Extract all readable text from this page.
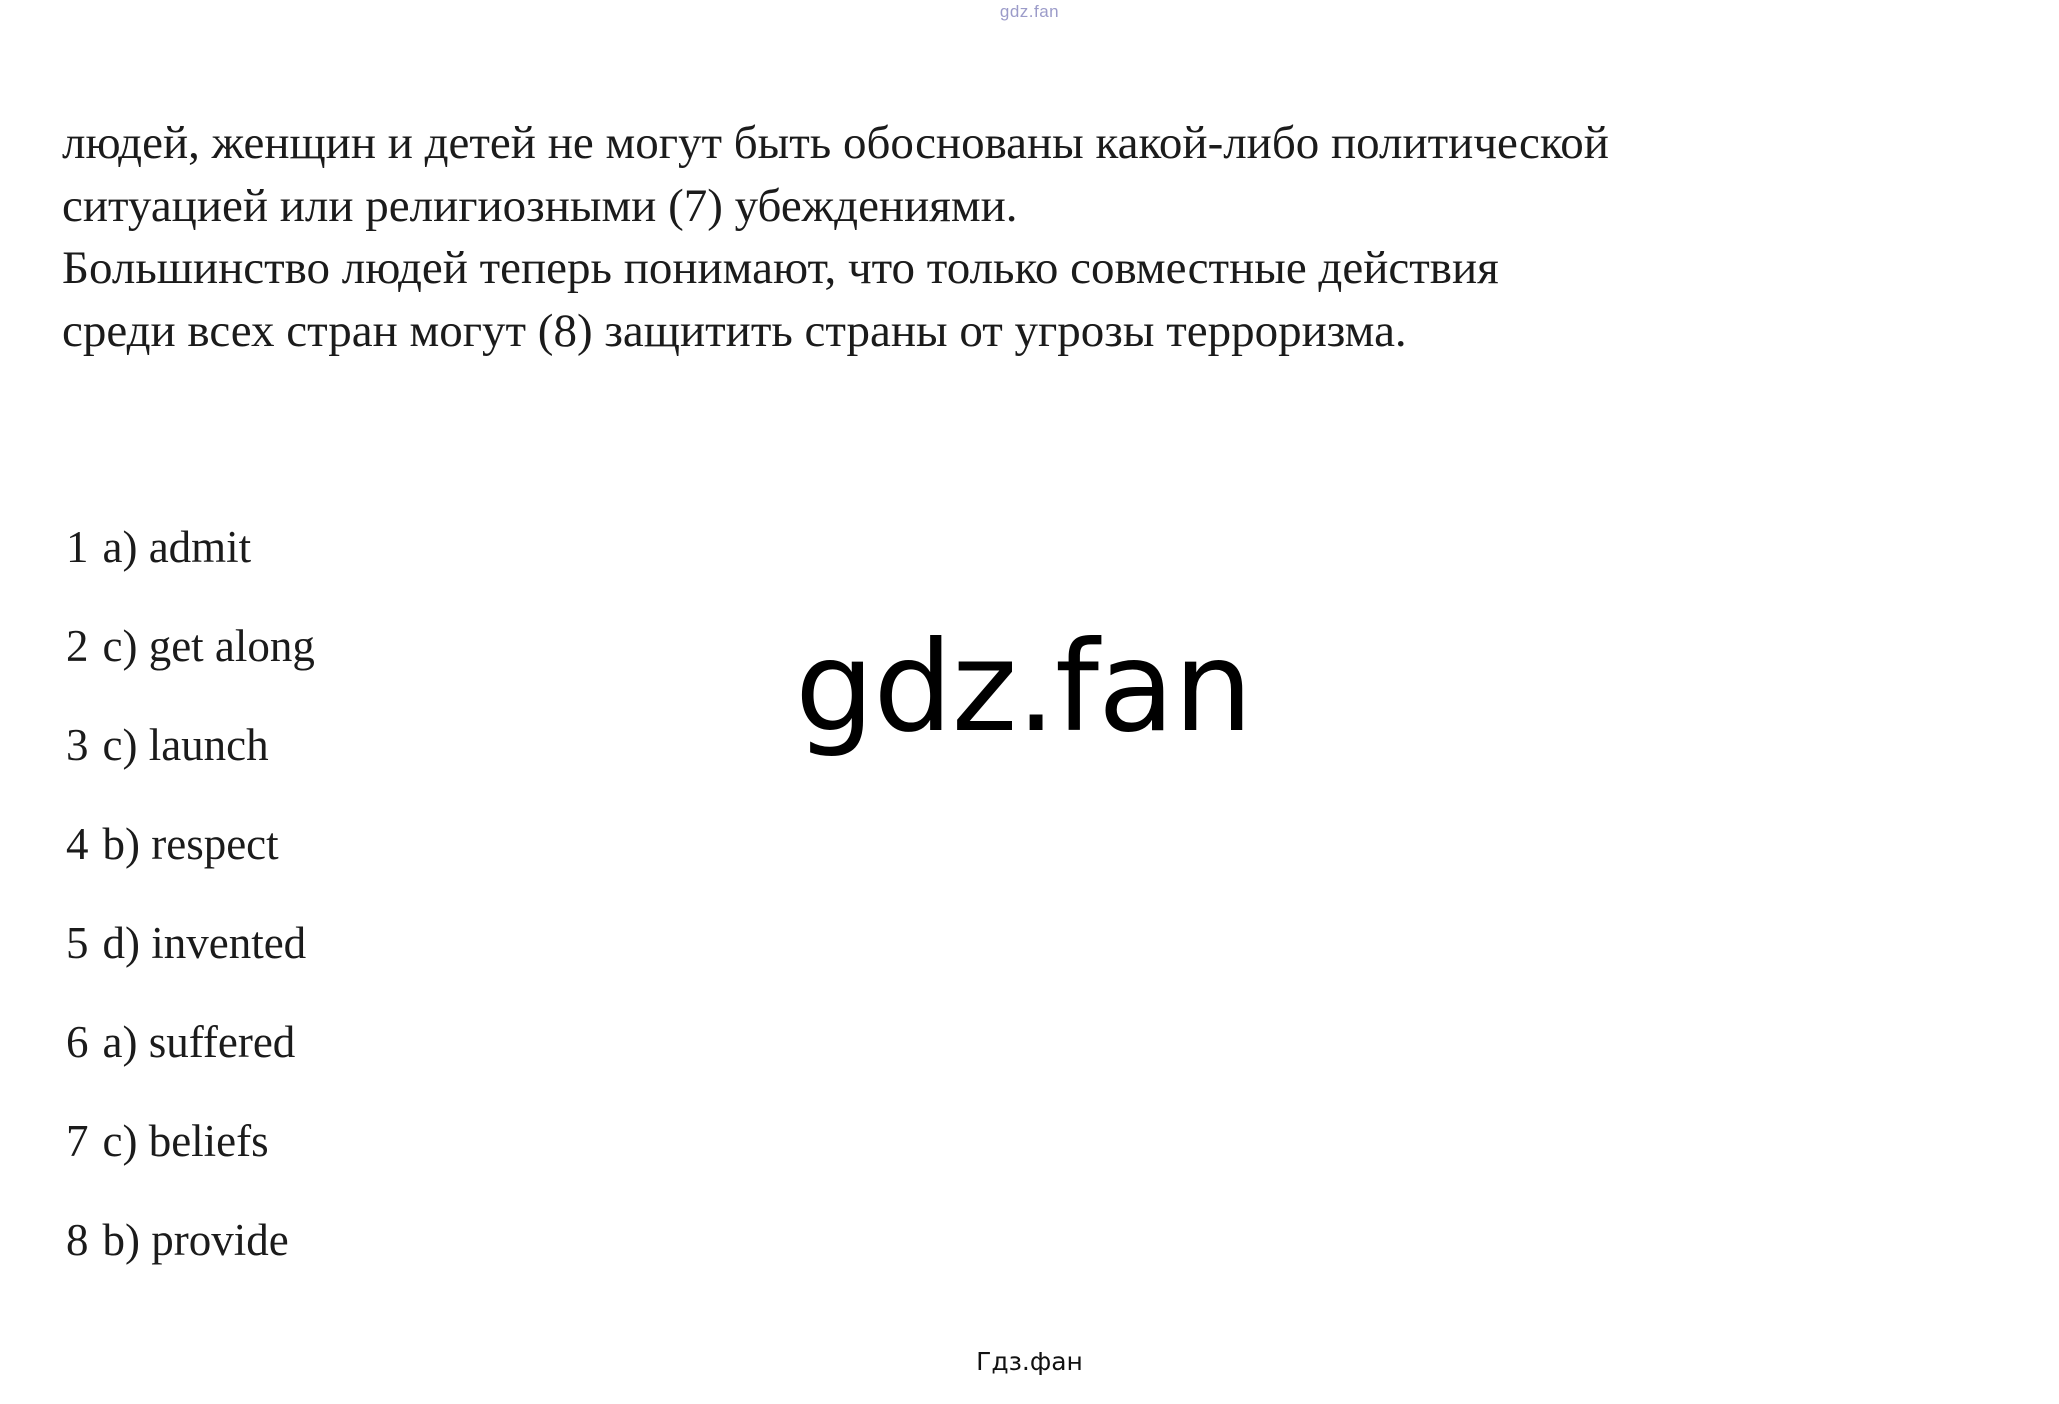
gdz.fan
людей, женщин и детей не могут быть обоснованы какой-либо политической
ситуацией или религиозными (7) убеждениями.
Большинство людей теперь понимают, что только совместные действия
среди всех стран могут (8) защитить страны от угрозы терроризма.
1 a) admit
2 c) get along
3 c) launch
4 b) respect
5 d) invented
6 a) suffered
7 c) beliefs
8 b) provide
gdz.fan
Гдз.фан
